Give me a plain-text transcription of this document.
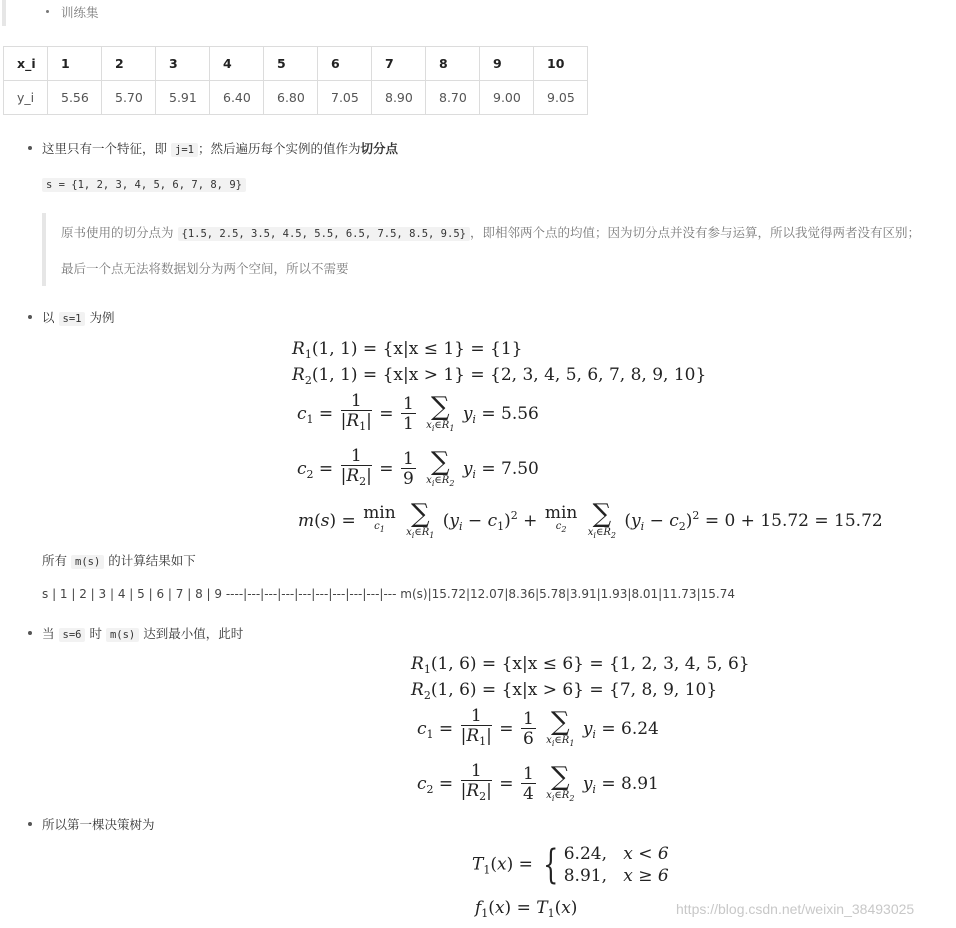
训练集
x_i	1	2	3	4	5	6	7	8	9	10
y_i	5.56	5.70	5.91	6.40	6.80	7.05	8.90	8.70	9.00	9.05
这里只有一个特征，即 j=1 ；然后遍历每个实例的值作为切分点
s = {1, 2, 3, 4, 5, 6, 7, 8, 9}
原书使用的切分点为 {1.5, 2.5, 3.5, 4.5, 5.5, 6.5, 7.5, 8.5, 9.5} ，即相邻两个点的均值；因为切分点并没有参与运算，所以我觉得两者没有区别；
最后一个点无法将数据划分为两个空间，所以不需要
以 s=1 为例
$R_1(1$, 1) = {x|x ≤ 1} = {1}
$R_2(1$, 1) = {x|x > 1} = {2, 3, 4, 5, 6, 7, 8, 9, 10}
$c_1 = \frac{1}{|R_1|} = \frac{1}{1}$
∑
$x_i\in R_1$
$y_i = 5.56$
$c_2 = \frac{1}{|R_2|} = \frac{1}{9}$
∑
$x_i\in R_2$
$y_i = 7.50$
m(s) = min
$c_1$

∑
$x_i\in R_1$
$(y_i - c_1)^2 + \min$
$c_2$

∑
$x_i\in R_2$
$(y_i - c_2)^2 = 0 + 15.72 = 15.72$
所有 m(s) 的计算结果如下
s | 1 | 2 | 3 | 4 | 5 | 6 | 7 | 8 | 9 ----|---|---|---|---|---|---|---|---|--- m(s)|15.72|12.07|8.36|5.78|3.91|1.93|8.01|11.73|15.74
当 s=6 时 m(s) 达到最小值，此时
$R_1(1$, 6) = {x|x ≤ 6} = {1, 2, 3, 4, 5, 6}
$R_2(1$, 6) = {x|x > 6} = {7, 8, 9, 10}
$c_1 = \frac{1}{|R_1|} = \frac{1}{6}$
∑
$x_i\in R_1$
$y_i = 6.24$
$c_2 = \frac{1}{|R_2|} = \frac{1}{4}$
∑
$x_i\in R_2$
$y_i = 8.91$
所以第一棵决策树为
$T_1(x)$ = { 6.24, x < 6
8.91, x ≥ 6
$f_1(x) = T_1(x)$	https://blog.csdn.net/weixin_38493025
